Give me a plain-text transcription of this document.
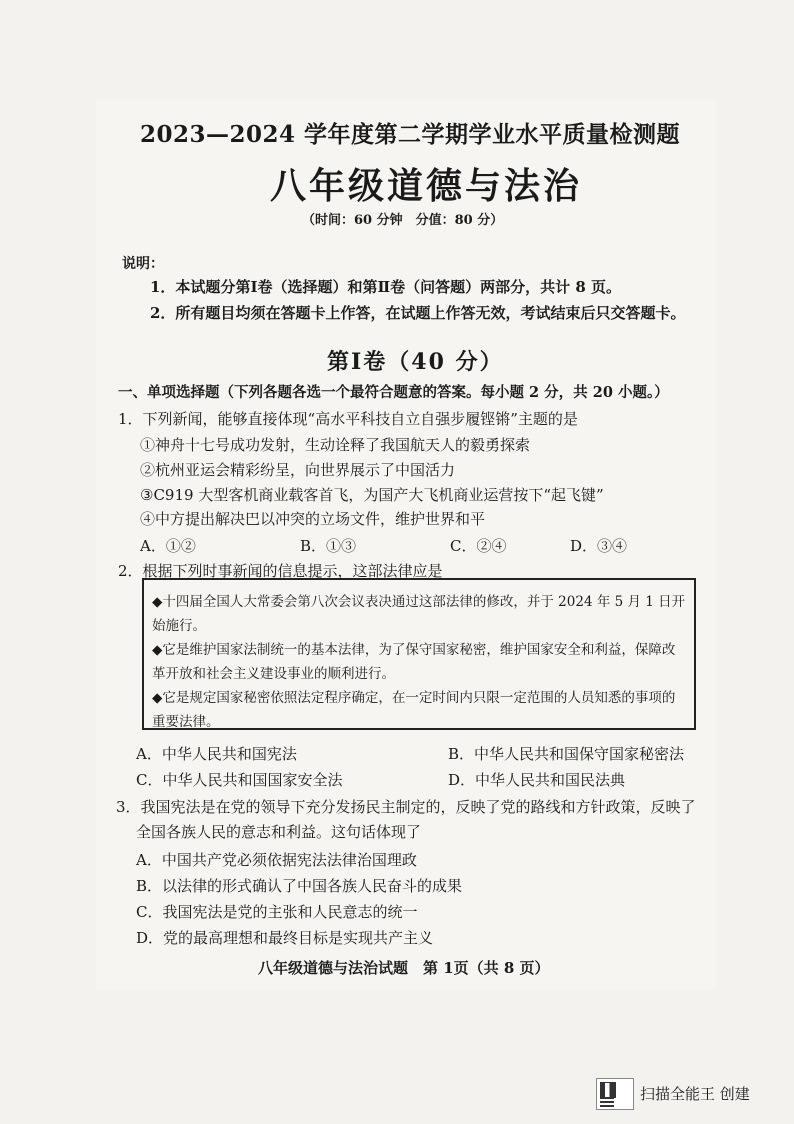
2023—2024 学年度第二学期学业水平质量检测题
八年级道德与法治
（时间：60 分钟　分值：80 分）
说明：
1．本试题分第Ⅰ卷（选择题）和第Ⅱ卷（问答题）两部分，共计 8 页。
2．所有题目均须在答题卡上作答，在试题上作答无效，考试结束后只交答题卡。
第Ⅰ卷（40 分）
一、单项选择题（下列各题各选一个最符合题意的答案。每小题 2 分，共 20 小题。）
1．下列新闻，能够直接体现“高水平科技自立自强步履铿锵”主题的是
①神舟十七号成功发射，生动诠释了我国航天人的毅勇探索
②杭州亚运会精彩纷呈，向世界展示了中国活力
③C919 大型客机商业载客首飞，为国产大飞机商业运营按下“起飞键”
④中方提出解决巴以冲突的立场文件，维护世界和平
A．①②	B．①③	C．②④	D．③④
2．根据下列时事新闻的信息提示，这部法律应是

◆十四届全国人大常委会第八次会议表决通过这部法律的修改，并于 2024 年 5 月 1 日开始施行。

◆它是维护国家法制统一的基本法律，为了保守国家秘密，维护国家安全和利益，保障改革开放和社会主义建设事业的顺利进行。

◆它是规定国家秘密依照法定程序确定，在一定时间内只限一定范围的人员知悉的事项的重要法律。

A．中华人民共和国宪法	B．中华人民共和国保守国家秘密法
C．中华人民共和国国家安全法	D．中华人民共和国民法典
3．我国宪法是在党的领导下充分发扬民主制定的，反映了党的路线和方针政策，反映了
全国各族人民的意志和利益。这句话体现了
A．中国共产党必须依据宪法法律治国理政
B．以法律的形式确认了中国各族人民奋斗的成果
C．我国宪法是党的主张和人民意志的统一
D．党的最高理想和最终目标是实现共产主义
八年级道德与法治试题　第 1页（共 8 页）
扫描全能王 创建
